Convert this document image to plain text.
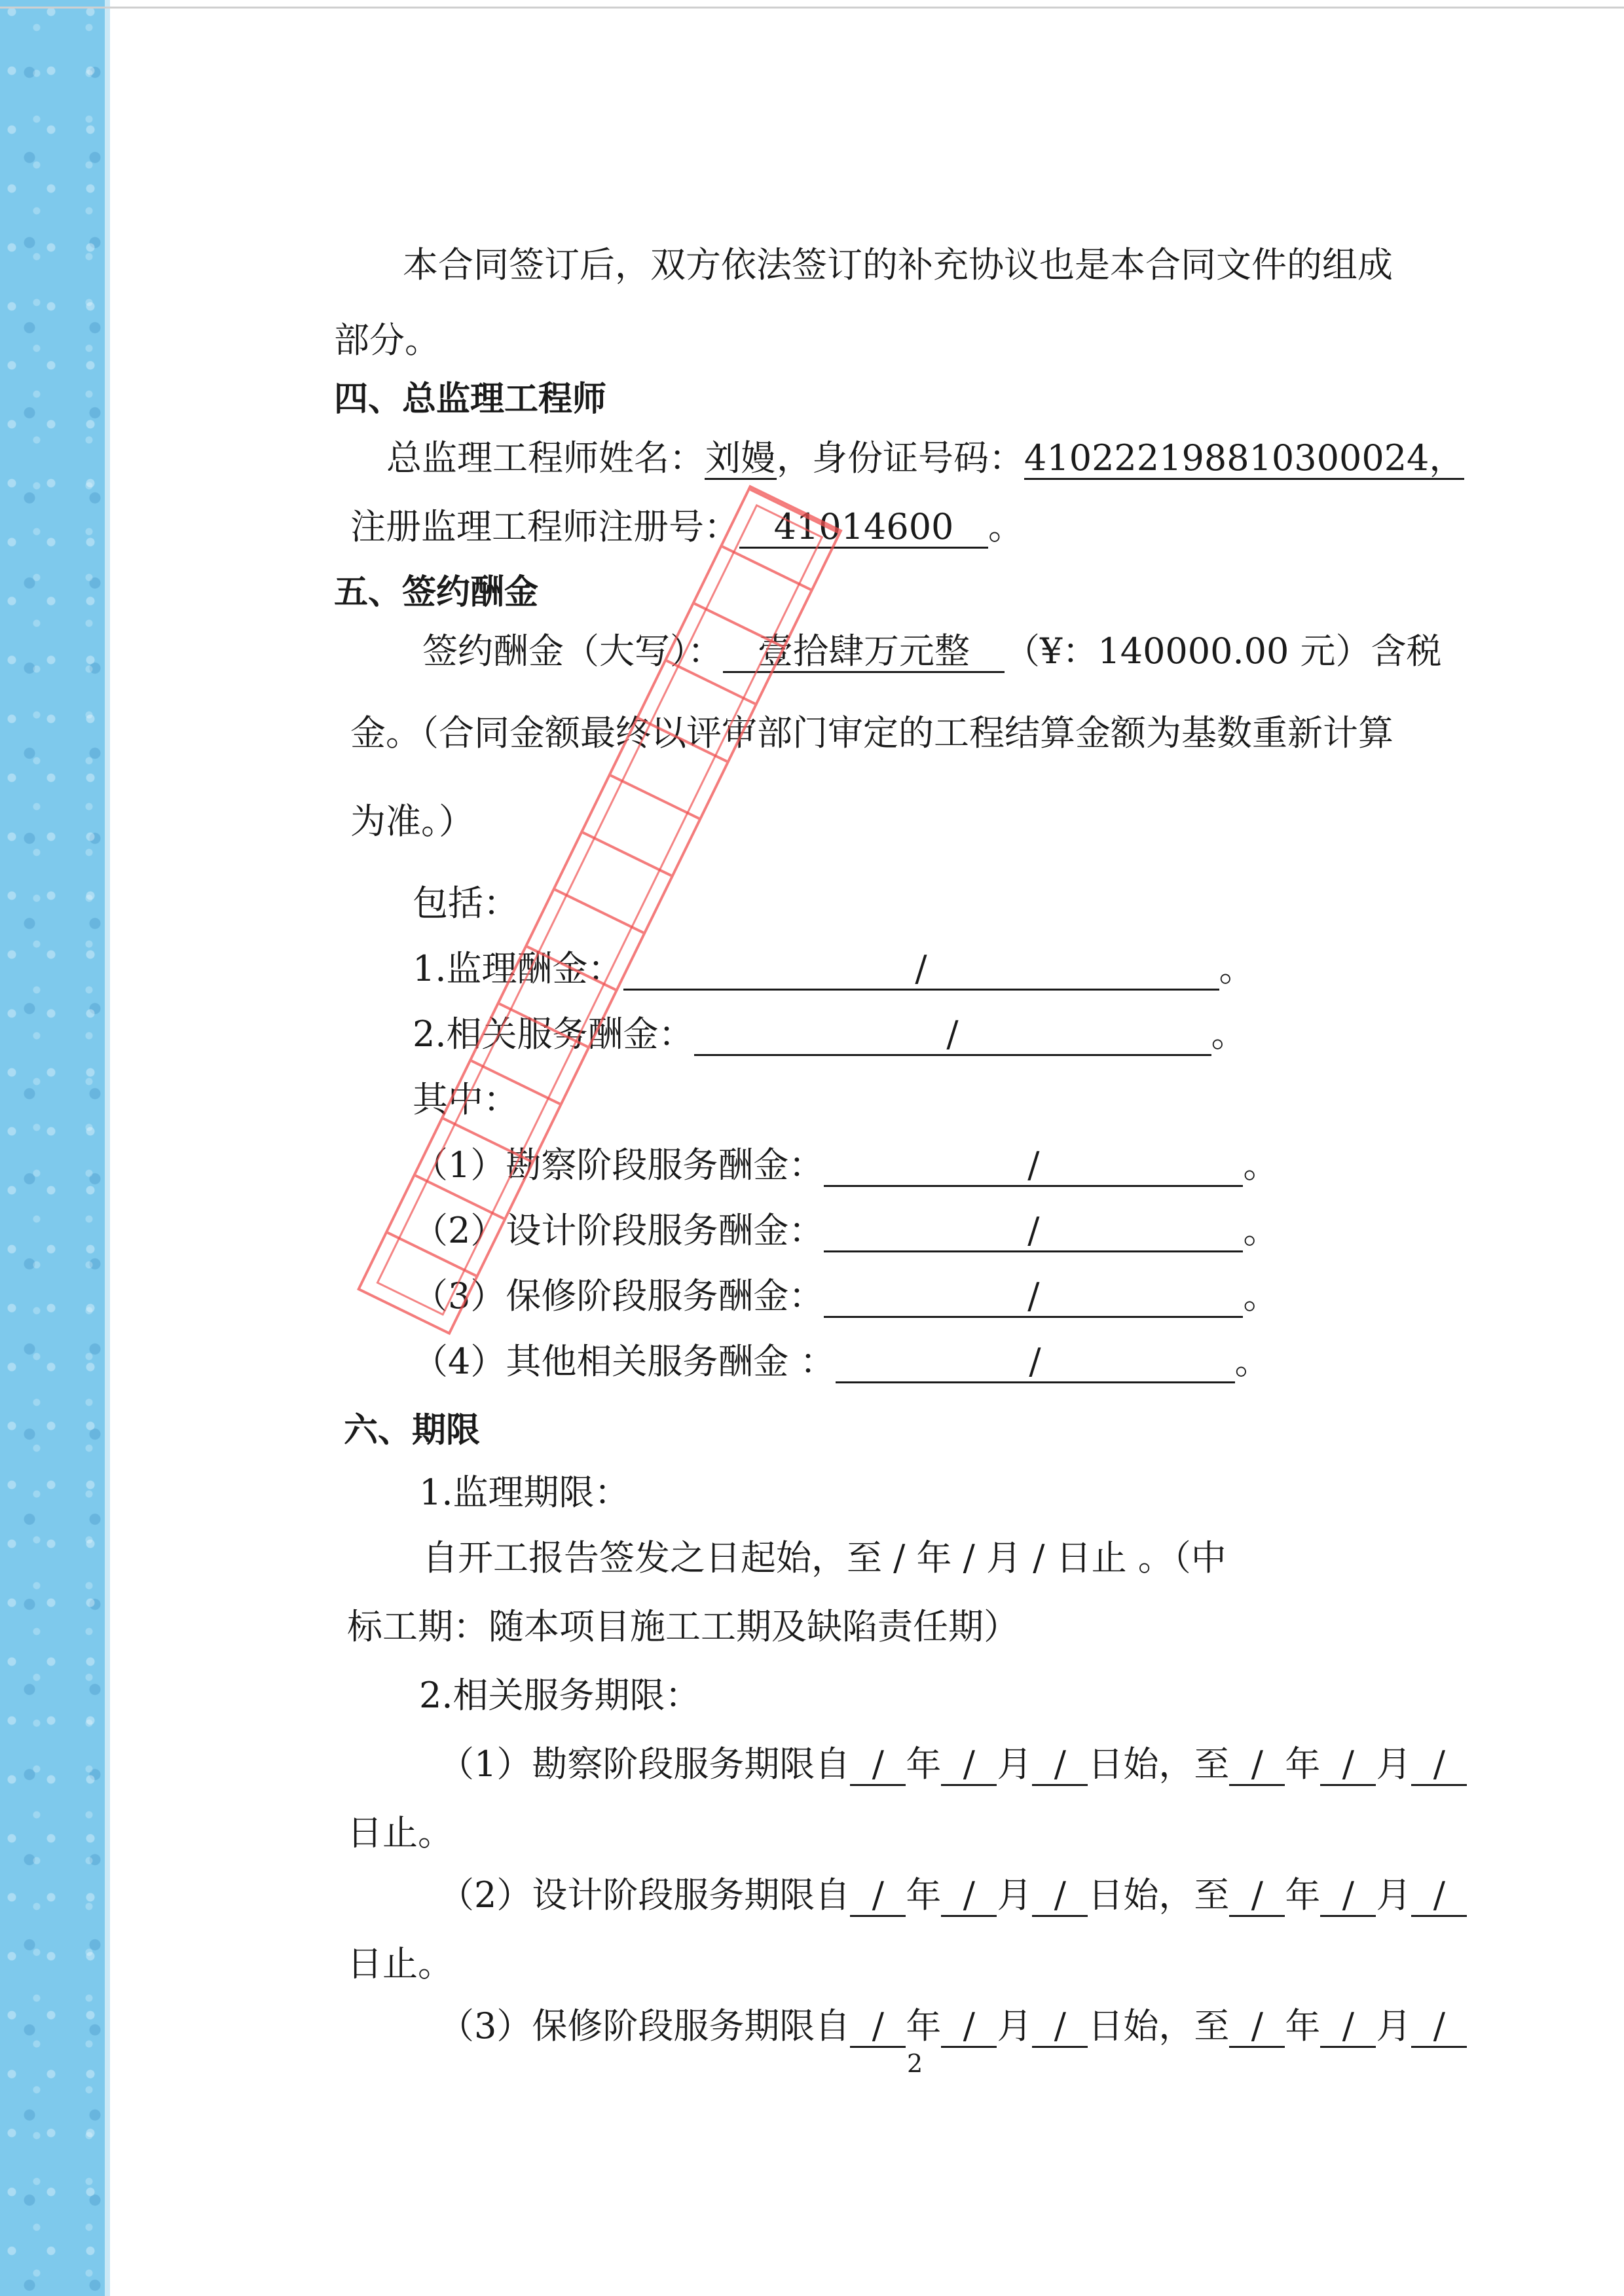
本合同签订后，双方依法签订的补充协议也是本合同文件的组成
部分。
四、总监理工程师
总监理工程师姓名：刘嫚，身份证号码：410222198810300024，
注册监理工程师注册号： 41014600 。
五、签约酬金
签约酬金（大写）： 壹拾肆万元整 （¥：140000.00 元）含税
金。（合同金额最终以评审部门审定的工程结算金额为基数重新计算
为准。）
包括：
1.监理酬金：	/	。
2.相关服务酬金：	/	。
其中：
（1）勘察阶段服务酬金：	/	。
（2）设计阶段服务酬金：	/	。
（3）保修阶段服务酬金：	/	。
（4）其他相关服务酬金 ：	/	。
六、期限
1.监理期限：
自开工报告签发之日起始，至 / 年 / 月 / 日止 。（中
标工期：随本项目施工工期及缺陷责任期）
2.相关服务期限：
（1）勘察阶段服务期限自 / 年 / 月 / 日始，至 / 年 / 月 /
日止。
（2）设计阶段服务期限自 / 年 / 月 / 日始，至 / 年 / 月 /
日止。
（3）保修阶段服务期限自 / 年 / 月 / 日始，至 / 年 / 月 /
2
